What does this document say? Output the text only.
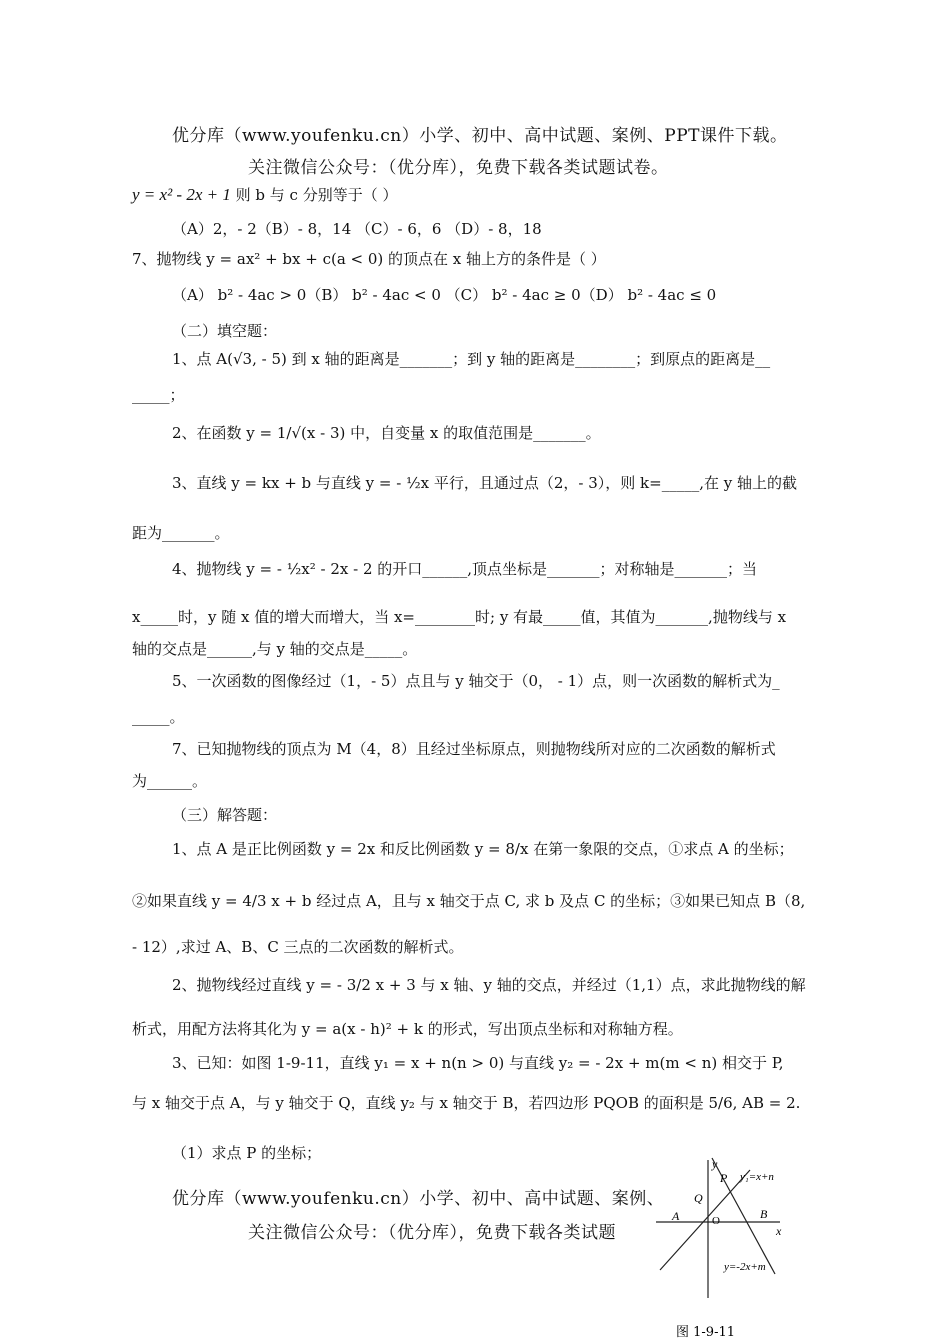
优分库（www.youfenku.cn）小学、初中、高中试题、案例、PPT课件下载。
关注微信公众号：（优分库），免费下载各类试题试卷。
y = x² - 2x + 1 则 b 与 c 分别等于（ ）
（A）2，- 2（B）- 8，14 （C）- 6，6 （D）- 8，18
7、抛物线 y = ax² + bx + c(a < 0) 的顶点在 x 轴上方的条件是（ ）
（A） b² - 4ac > 0（B） b² - 4ac < 0 （C） b² - 4ac ≥ 0（D） b² - 4ac ≤ 0
（二）填空题：
1、点 A(√3, - 5) 到 x 轴的距离是_______；到 y 轴的距离是________；到原点的距离是__
_____；
2、在函数 y = 1/√(x - 3) 中，自变量 x 的取值范围是_______。
3、直线 y = kx + b 与直线 y = - ½x 平行，且通过点（2，- 3），则 k=_____,在 y 轴上的截
距为_______。
4、抛物线 y = - ½x² - 2x - 2 的开口______,顶点坐标是_______；对称轴是_______；当
x_____时，y 随 x 值的增大而增大，当 x=________时; y 有最_____值，其值为_______,抛物线与 x
轴的交点是______,与 y 轴的交点是_____。
5、一次函数的图像经过（1，- 5）点且与 y 轴交于（0， - 1）点，则一次函数的解析式为_
_____。
7、已知抛物线的顶点为 M（4，8）且经过坐标原点，则抛物线所对应的二次函数的解析式
为______。
（三）解答题：
1、点 A 是正比例函数 y = 2x 和反比例函数 y = 8/x 在第一象限的交点，①求点 A 的坐标；
②如果直线 y = 4/3 x + b 经过点 A，且与 x 轴交于点 C, 求 b 及点 C 的坐标；③如果已知点 B（8,
- 12）,求过 A、B、C 三点的二次函数的解析式。
2、抛物线经过直线 y = - 3/2 x + 3 与 x 轴、y 轴的交点，并经过（1,1）点，求此抛物线的解
析式，用配方法将其化为 y = a(x - h)² + k 的形式，写出顶点坐标和对称轴方程。
3、已知：如图 1-9-11，直线 y₁ = x + n(n > 0) 与直线 y₂ = - 2x + m(m < n) 相交于 P,
与 x 轴交于点 A，与 y 轴交于 Q，直线 y₂ 与 x 轴交于 B，若四边形 PQOB 的面积是 5/6, AB = 2.
（1）求点 P 的坐标；
优分库（www.youfenku.cn）小学、初中、高中试题、案例、
关注微信公众号：（优分库），免费下载各类试题
y
x
P
Q
A	O	B
y₁=x+n
y=-2x+m
图 1-9-11
